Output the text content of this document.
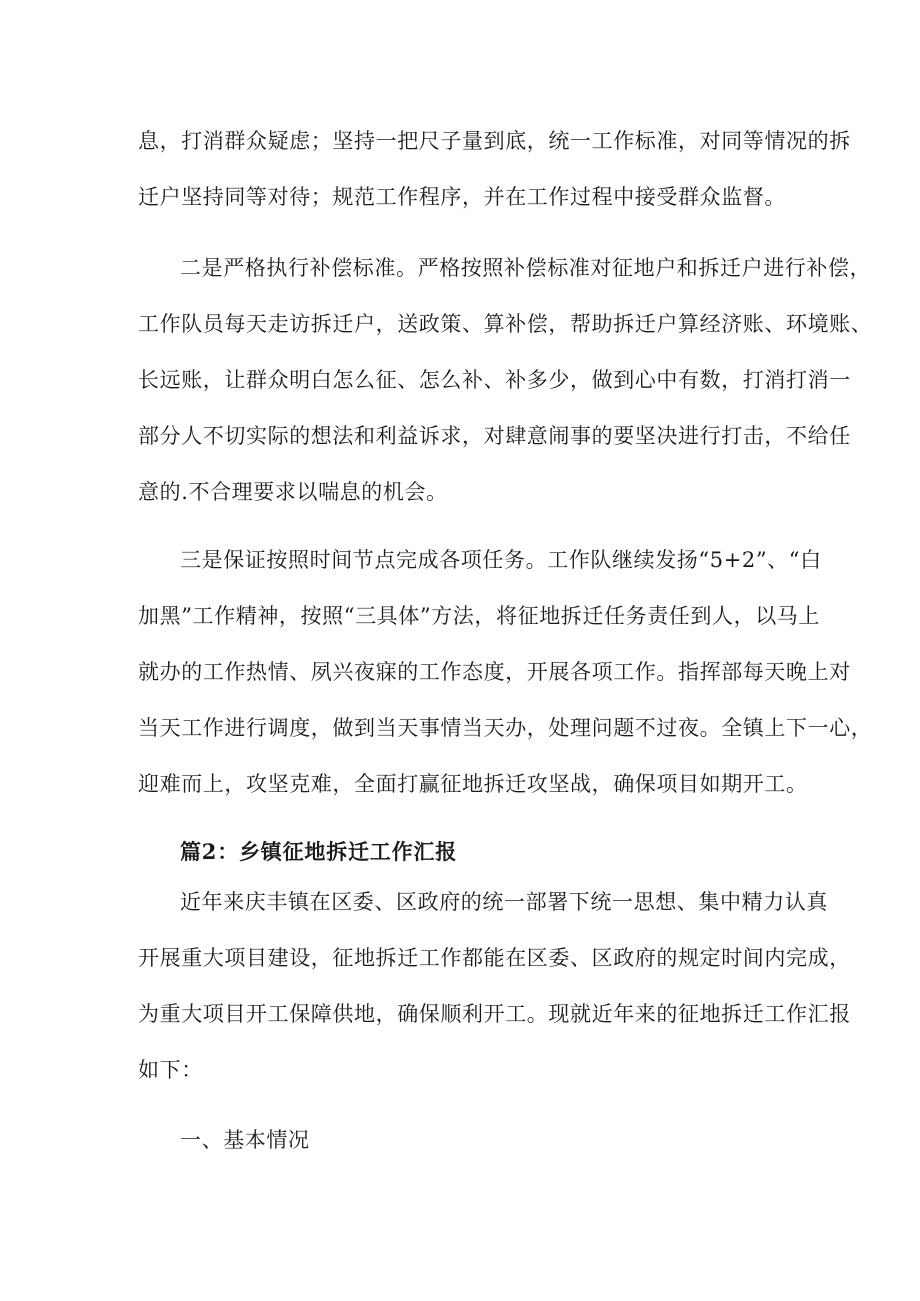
息，打消群众疑虑；坚持一把尺子量到底，统一工作标准，对同等情况的拆
迁户坚持同等对待；规范工作程序，并在工作过程中接受群众监督。
二是严格执行补偿标准。严格按照补偿标准对征地户和拆迁户进行补偿，
工作队员每天走访拆迁户，送政策、算补偿，帮助拆迁户算经济账、环境账、
长远账，让群众明白怎么征、怎么补、补多少，做到心中有数，打消打消一
部分人不切实际的想法和利益诉求，对肆意闹事的要坚决进行打击，不给任
意的.不合理要求以喘息的机会。
三是保证按照时间节点完成各项任务。工作队继续发扬“5+2”、“白
加黑”工作精神，按照“三具体”方法，将征地拆迁任务责任到人，以马上
就办的工作热情、夙兴夜寐的工作态度，开展各项工作。指挥部每天晚上对
当天工作进行调度，做到当天事情当天办，处理问题不过夜。全镇上下一心，
迎难而上，攻坚克难，全面打赢征地拆迁攻坚战，确保项目如期开工。
篇2：乡镇征地拆迁工作汇报
近年来庆丰镇在区委、区政府的统一部署下统一思想、集中精力认真
开展重大项目建设，征地拆迁工作都能在区委、区政府的规定时间内完成，
为重大项目开工保障供地，确保顺利开工。现就近年来的征地拆迁工作汇报
如下：
一、基本情况
